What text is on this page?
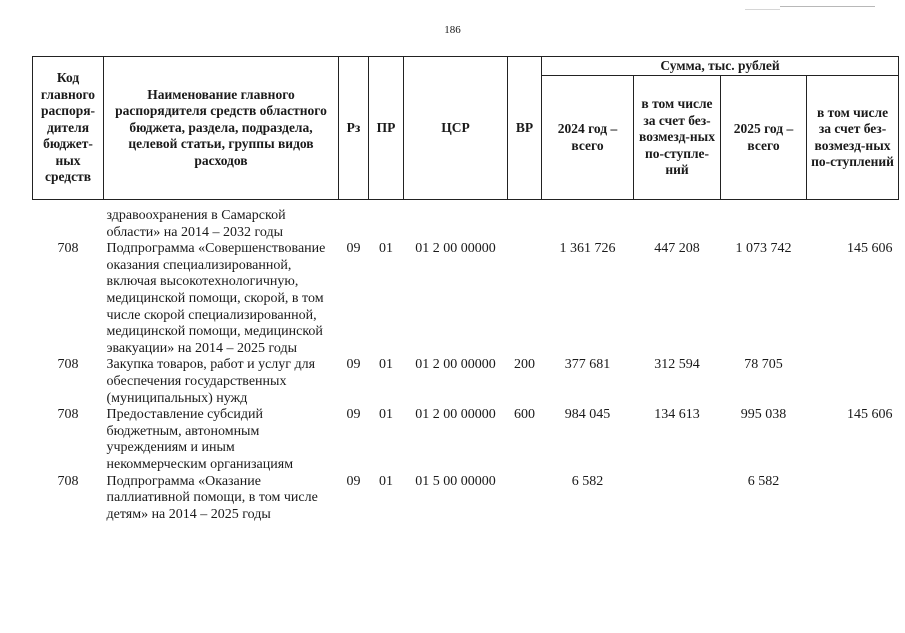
186
Код главного распоря-дителя бюджет-ных средств	Наименование главного распорядителя средств областного бюджета, раздела, подраздела, целевой статьи, группы видов расходов	Рз	ПР	ЦСР	ВР	Сумма, тыс. рублей			
						2024 год – всего	в том числе за счет без-возмезд-ных по-ступле-ний	2025 год – всего	в том числе за счет без-возмезд-ных по-ступлений

	здравоохранения в Самарской области» на 2014 – 2032 годы								
708	Подпрограмма «Совершенствование оказания специализированной, включая высокотехнологичную, медицинской помощи, скорой, в том числе скорой специализированной, медицинской помощи, медицинской эвакуации» на 2014 – 2025 годы	09	01	01 2 00 00000		1 361 726	447 208	1 073 742	145 606
708	Закупка товаров, работ и услуг для обеспечения государственных (муниципальных) нужд	09	01	01 2 00 00000	200	377 681	312 594	78 705	
708	Предоставление субсидий бюджетным, автономным учреждениям и иным некоммерческим организациям	09	01	01 2 00 00000	600	984 045	134 613	995 038	145 606
708	Подпрограмма «Оказание паллиативной помощи, в том числе детям» на 2014 – 2025 годы	09	01	01 5 00 00000		6 582		6 582	
